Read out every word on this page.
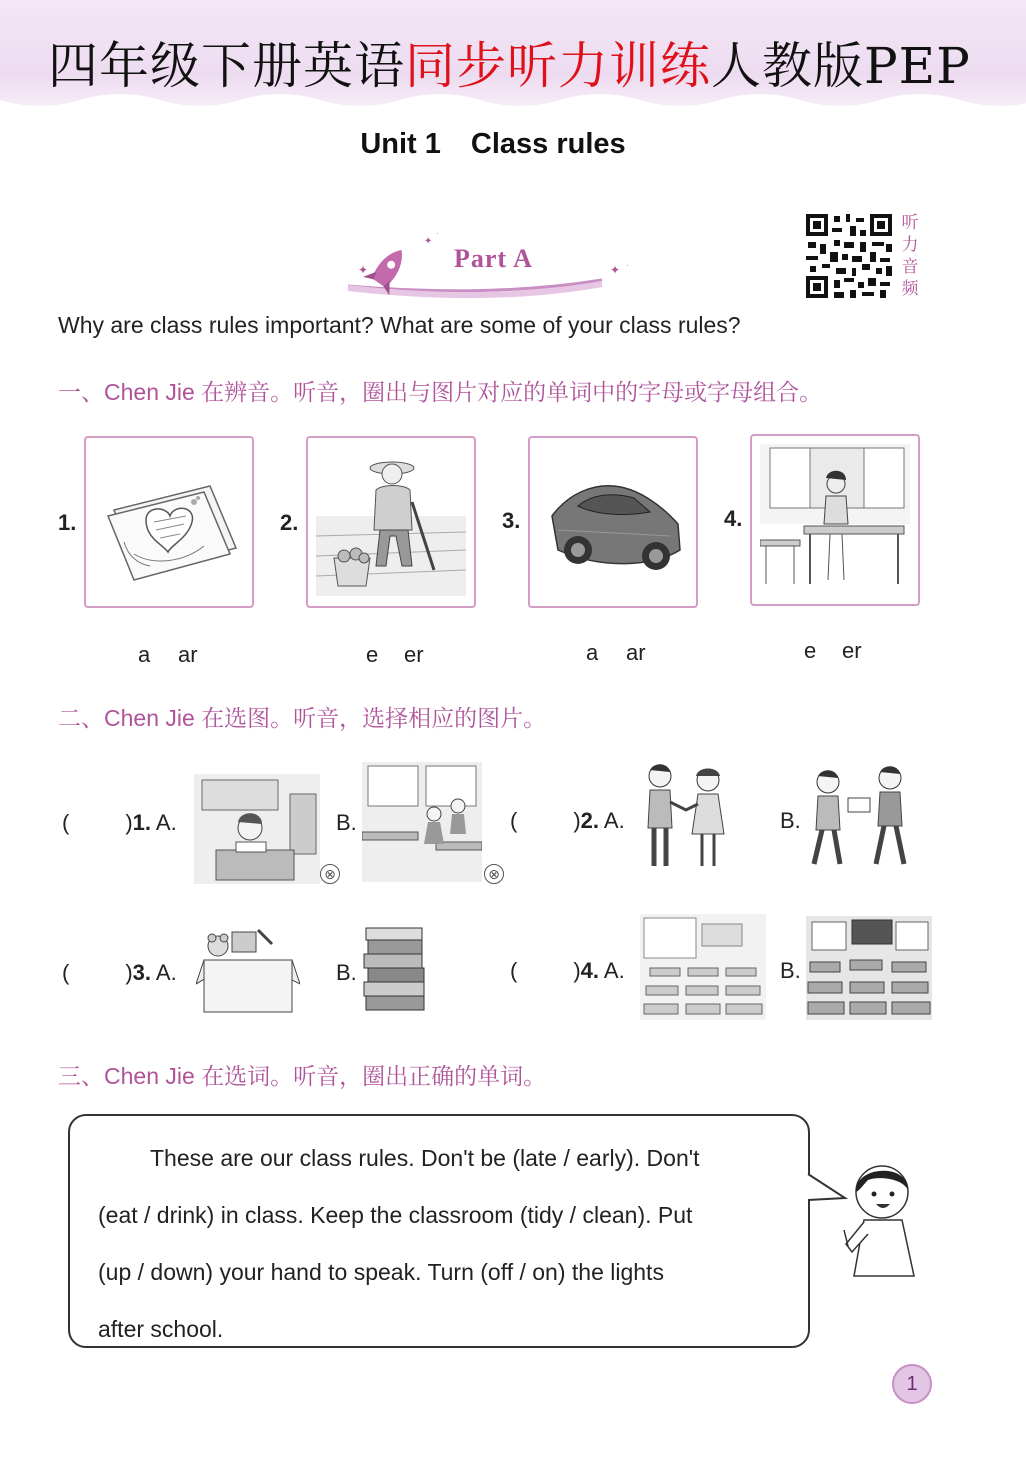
四年级下册英语同步听力训练人教版PEP
Unit 1 Class rules
✦
✦
·
✦ ·
Part A
听
力
音
频
Why are class rules important? What are some of your class rules?
一、Chen Jie 在辨音。听音，圈出与图片对应的单词中的字母或字母组合。
1.
a ar
2.
e er
3.
a ar
4.
e er
二、Chen Jie 在选图。听音，选择相应的图片。
(	)1. A.
⊗
B.
⊗
(	)2. A.	B.
(	)3. A.	B.	(	)4. A.	B.
三、Chen Jie 在选词。听音，圈出正确的单词。
These are our class rules. Don't be (late / early). Don't
(eat / drink) in class. Keep the classroom (tidy / clean). Put
(up / down) your hand to speak. Turn (off / on) the lights
after school.
1
